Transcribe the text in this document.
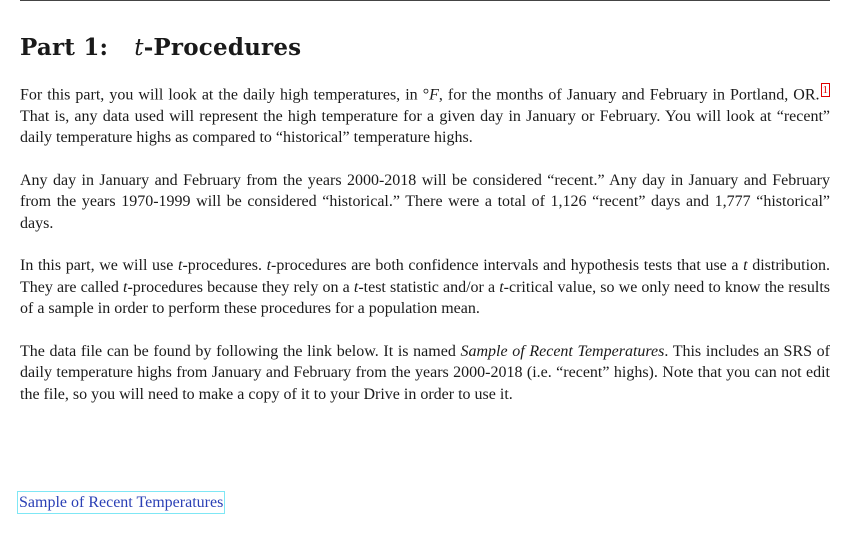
Part 1: t-Procedures

For this part, you will look at the daily high temperatures, in °F, for the months of January and February in Portland, OR. 1 That is, any data used will represent the high temperature for a given day in January or February. You will look at “recent” daily temperature highs as compared to “historical” temperature highs.

Any day in January and February from the years 2000-2018 will be considered “recent.” Any day in January and February from the years 1970-1999 will be considered “historical.” There were a total of 1,126 “recent” days and 1,777 “historical” days.

In this part, we will use t-procedures. t-procedures are both confidence intervals and hypothesis tests that use a t distribution. They are called t-procedures because they rely on a t-test statistic and/or a t-critical value, so we only need to know the results of a sample in order to perform these procedures for a population mean.

The data file can be found by following the link below. It is named Sample of Recent Temperatures. This includes an SRS of daily temperature highs from January and February from the years 2000-2018 (i.e. “recent” highs). Note that you can not edit the file, so you will need to make a copy of it to your Drive in order to use it.

Sample of Recent Temperatures
